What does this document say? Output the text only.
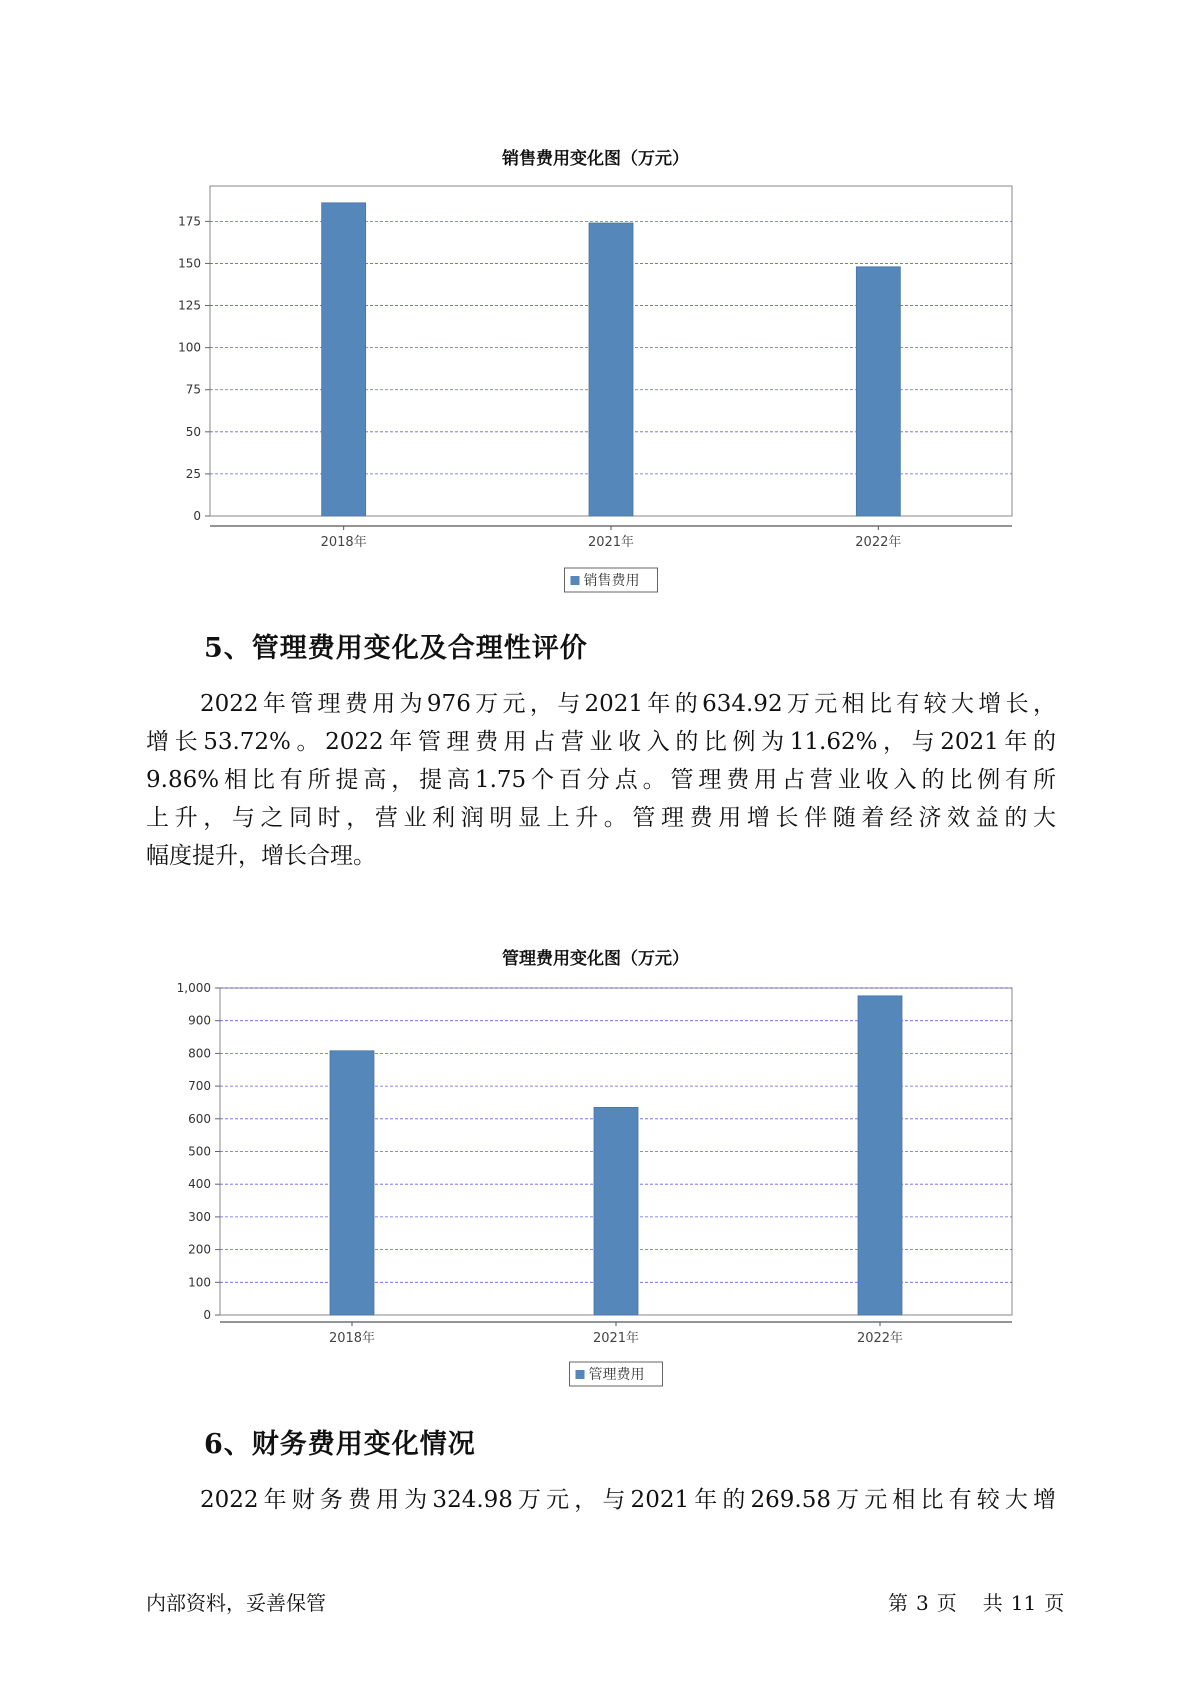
销售费用变化图（万元）
0
25
50
75
100
125
150
175
2018年	2021年	2022年
销售费用
5、管理费用变化及合理性评价
2022年管理费用为976万元，与2021年的634.92万元相比有较大增长，
增长53.72%。2022年管理费用占营业收入的比例为11.62%，与2021年的
9.86%相比有所提高，提高1.75个百分点。管理费用占营业收入的比例有所
上升，与之同时，营业利润明显上升。管理费用增长伴随着经济效益的大
幅度提升，增长合理。
管理费用变化图（万元）
0
100
200
300
400
500
600
700
800
900
1,000
2018年	2021年	2022年
管理费用
6、财务费用变化情况
2022年财务费用为324.98万元，与2021年的269.58万元相比有较大增
内部资料，妥善保管	第 3 页 共 11 页
